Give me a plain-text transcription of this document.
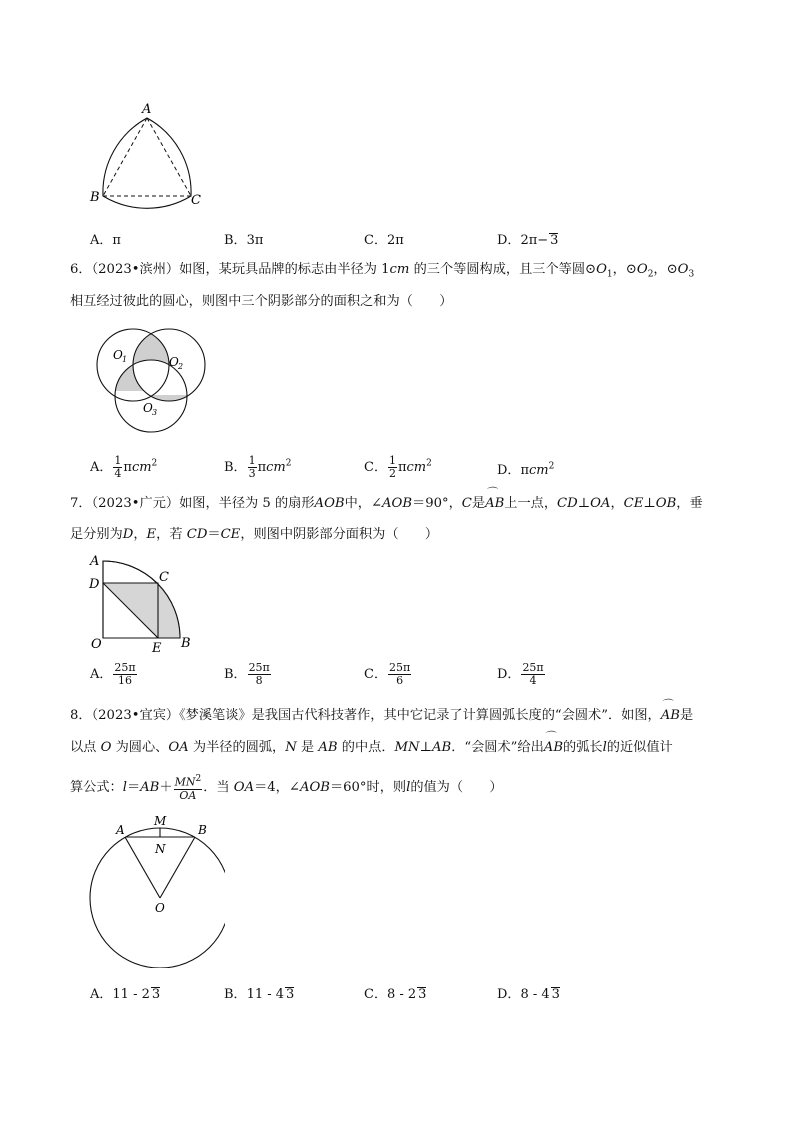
A
B	C
A．π	B．3π	C．2π	D．2π− 3
6．（2023•滨州）如图，某玩具品牌的标志由半径为 1cm 的三个等圆构成，且三个等圆$⊙O_1$，$⊙O_2$，$⊙O_3$
相互经过彼此的圆心，则图中三个阴影部分的面积之和为（　　）
O 1	O 2
O 3
A． $\frac{1}{4} \pi cm^2$	B． $\frac{1}{3} \pi cm^2$	C． $\frac{1}{2} \pi cm^2$	D．πcm$^2$
7．（2023•广元）如图，半径为 5 的扇形AOB中，∠AOB＝90°，C是⌒ AB上一点，CD⊥OA，CE⊥OB，垂
足分别为D，E，若 CD＝CE，则图中阴影部分面积为（　　）
A
D	C
O	E B
A． $\frac{25\pi}{16}$	B． $\frac{25\pi}{8}$	C． $\frac{25\pi}{6}$	D． $\frac{25\pi}{4}$
8．（2023•宜宾）《梦溪笔谈》是我国古代科技著作，其中它记录了计算圆弧长度的“会圆术”．如图，⌒ AB是
以点 O 为圆心、OA 为半径的圆弧，N 是 AB 的中点．MN⊥AB．“会圆术”给出⌒ AB的弧长l的近似值计
算公式：$l=AB+ \frac{MN^2}{OA}$ ．当 OA＝4，∠AOB＝60°时，则l的值为（　　）
A
M
B
N
O
A．11 - 2 3	B．11 - 4 3	C．8 - 2 3	D．8 - 4 3
